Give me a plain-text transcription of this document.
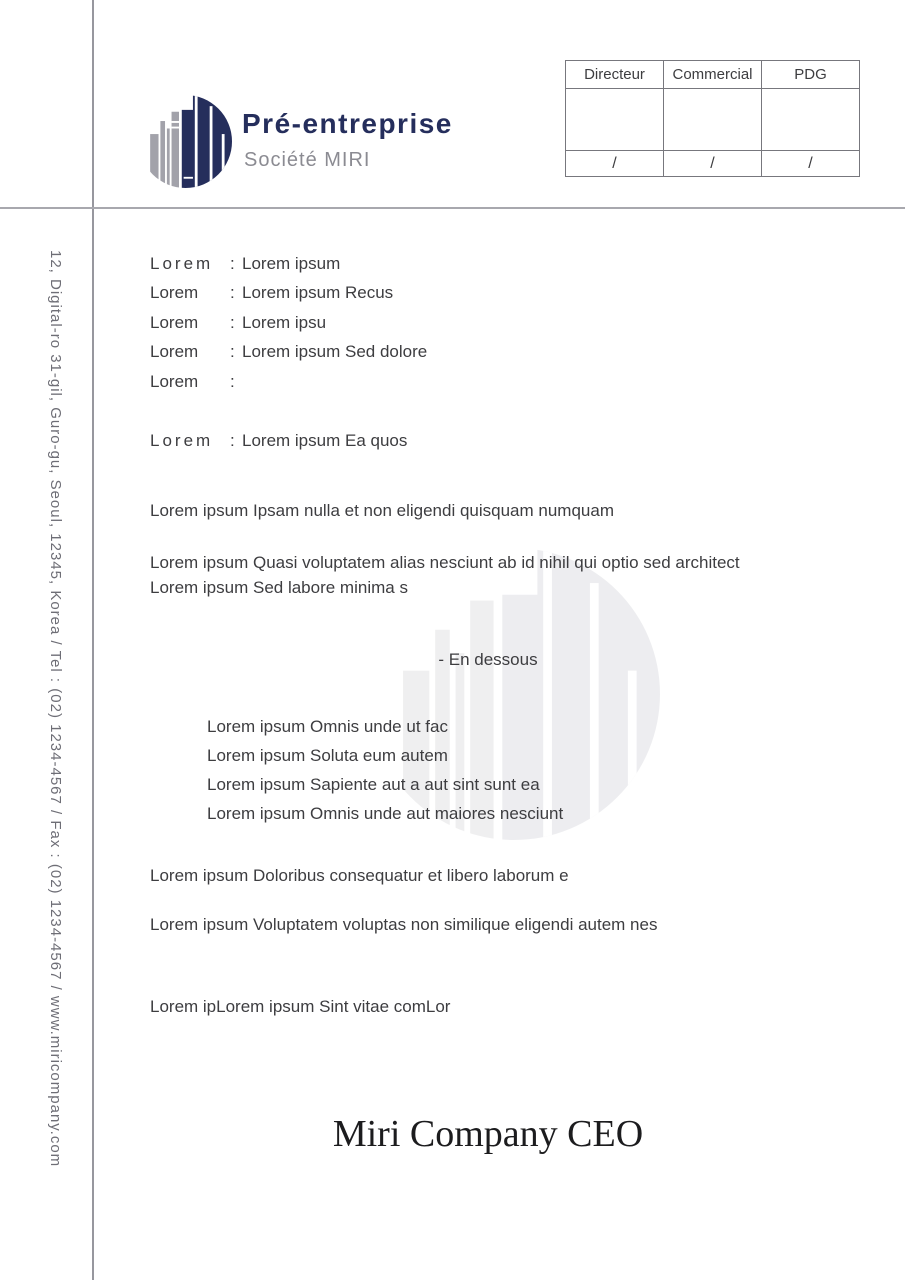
Pré-entreprise
Société MIRI
Directeur	Commercial	PDG

/	/	/
12, Digital-ro 31-gil, Guro-gu, Seoul, 12345, Korea / Tel : (02) 1234-4567 / Fax : (02) 1234-4567 / www.miricompany.com	Lorem : Lorem ipsum
Lorem	: Lorem ipsum Recus
Lorem	: Lorem ipsu
Lorem	: Lorem ipsum Sed dolore
Lorem	:
Lorem : Lorem ipsum Ea quos
Lorem ipsum Ipsam nulla et non eligendi quisquam numquam
Lorem ipsum Quasi voluptatem alias nesciunt ab id nihil qui optio sed architect
Lorem ipsum Sed labore minima s
- En dessous
Lorem ipsum Omnis unde ut fac
Lorem ipsum Soluta eum autem
Lorem ipsum Sapiente aut a aut sint sunt ea
Lorem ipsum Omnis unde aut maiores nesciunt
Lorem ipsum Doloribus consequatur et libero laborum e
Lorem ipsum Voluptatem voluptas non similique eligendi autem nes
Lorem ipLorem ipsum Sint vitae comLor
Miri Company CEO
